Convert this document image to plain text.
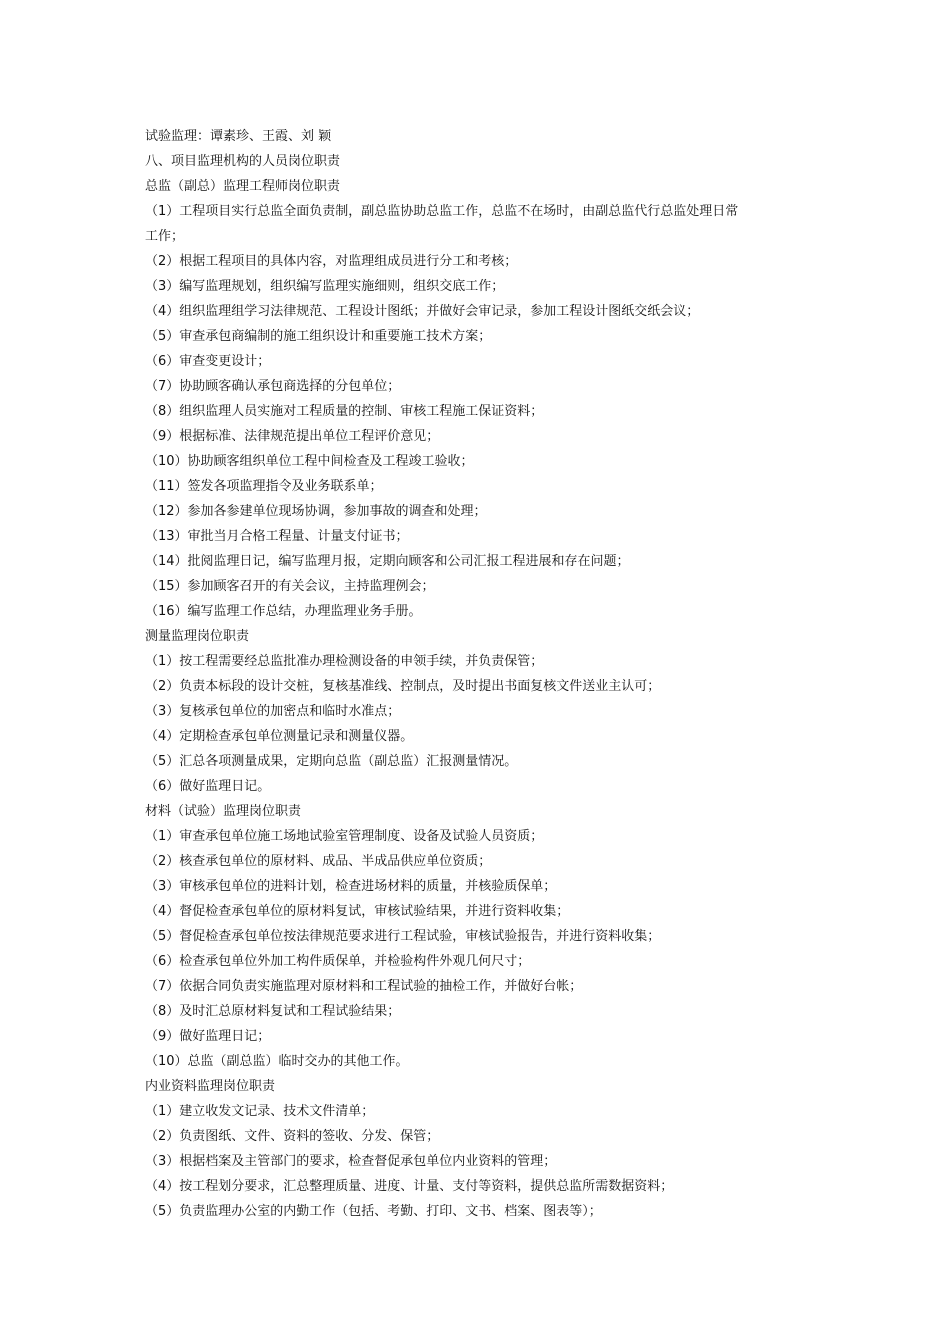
试验监理：谭素珍、王霞、刘 颖
八、项目监理机构的人员岗位职责
总监（副总）监理工程师岗位职责
（1）工程项目实行总监全面负责制，副总监协助总监工作，总监不在场时，由副总监代行总监处理日常
工作；
（2）根据工程项目的具体内容，对监理组成员进行分工和考核；
（3）编写监理规划，组织编写监理实施细则，组织交底工作；
（4）组织监理组学习法律规范、工程设计图纸；并做好会审记录，参加工程设计图纸交纸会议；
（5）审查承包商编制的施工组织设计和重要施工技术方案；
（6）审查变更设计；
（7）协助顾客确认承包商选择的分包单位；
（8）组织监理人员实施对工程质量的控制、审核工程施工保证资料；
（9）根据标准、法律规范提出单位工程评价意见；
（10）协助顾客组织单位工程中间检查及工程竣工验收；
（11）签发各项监理指令及业务联系单；
（12）参加各参建单位现场协调，参加事故的调查和处理；
（13）审批当月合格工程量、计量支付证书；
（14）批阅监理日记，编写监理月报，定期向顾客和公司汇报工程进展和存在问题；
（15）参加顾客召开的有关会议，主持监理例会；
（16）编写监理工作总结，办理监理业务手册。
测量监理岗位职责
（1）按工程需要经总监批准办理检测设备的申领手续，并负责保管；
（2）负责本标段的设计交桩，复核基准线、控制点，及时提出书面复核文件送业主认可；
（3）复核承包单位的加密点和临时水准点；
（4）定期检查承包单位测量记录和测量仪器。
（5）汇总各项测量成果，定期向总监（副总监）汇报测量情况。
（6）做好监理日记。
材料（试验）监理岗位职责
（1）审查承包单位施工场地试验室管理制度、设备及试验人员资质；
（2）核查承包单位的原材料、成品、半成品供应单位资质；
（3）审核承包单位的进料计划，检查进场材料的质量，并核验质保单；
（4）督促检查承包单位的原材料复试，审核试验结果，并进行资料收集；
（5）督促检查承包单位按法律规范要求进行工程试验，审核试验报告，并进行资料收集；
（6）检查承包单位外加工构件质保单，并检验构件外观几何尺寸；
（7）依据合同负责实施监理对原材料和工程试验的抽检工作，并做好台帐；
（8）及时汇总原材料复试和工程试验结果；
（9）做好监理日记；
（10）总监（副总监）临时交办的其他工作。
内业资料监理岗位职责
（1）建立收发文记录、技术文件清单；
（2）负责图纸、文件、资料的签收、分发、保管；
（3）根据档案及主管部门的要求，检查督促承包单位内业资料的管理；
（4）按工程划分要求，汇总整理质量、进度、计量、支付等资料，提供总监所需数据资料；
（5）负责监理办公室的内勤工作（包括、考勤、打印、文书、档案、图表等）；
